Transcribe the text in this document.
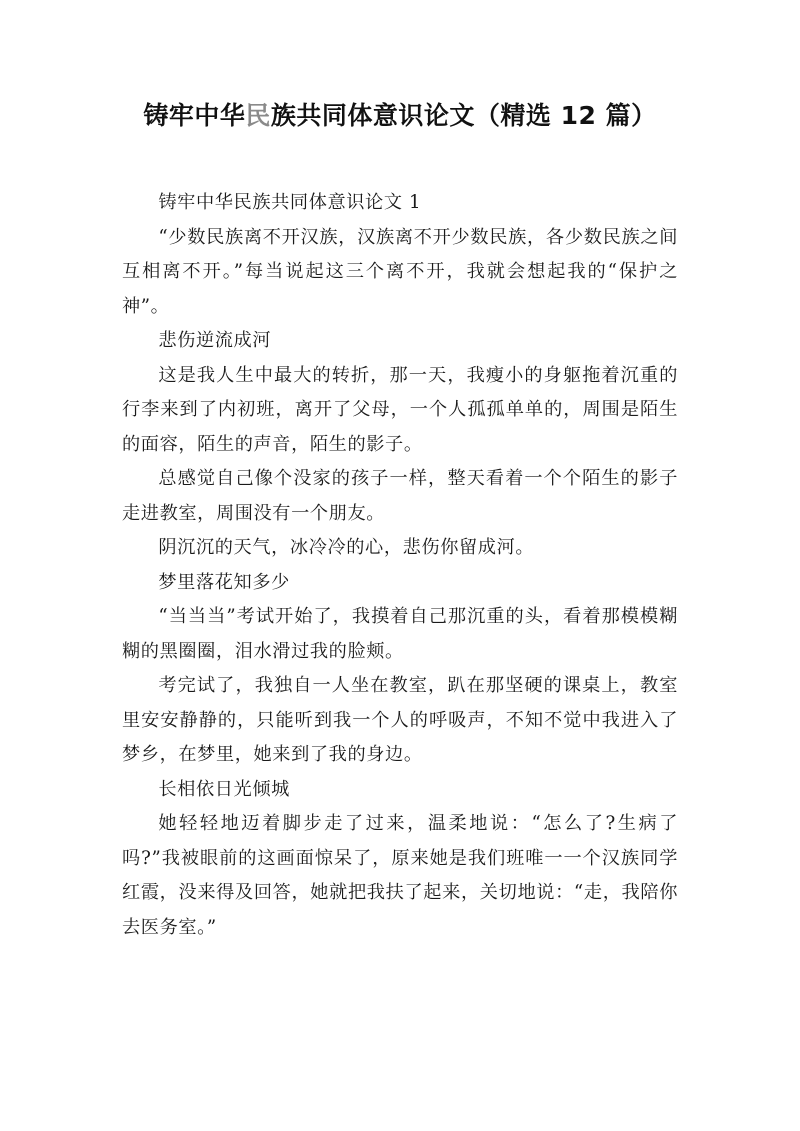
铸牢中华民族共同体意识论文（精选 12 篇）

铸牢中华民族共同体意识论文 1

“少数民族离不开汉族，汉族离不开少数民族，各少数民族之间互相离不开。”每当说起这三个离不开，我就会想起我的“保护之神”。

悲伤逆流成河

这是我人生中最大的转折，那一天，我瘦小的身躯拖着沉重的行李来到了内初班，离开了父母，一个人孤孤单单的，周围是陌生的面容，陌生的声音，陌生的影子。

总感觉自己像个没家的孩子一样，整天看着一个个陌生的影子走进教室，周围没有一个朋友。

阴沉沉的天气，冰冷冷的心，悲伤你留成河。

梦里落花知多少

“当当当”考试开始了，我摸着自己那沉重的头，看着那模模糊糊的黑圈圈，泪水滑过我的脸颊。

考完试了，我独自一人坐在教室，趴在那坚硬的课桌上，教室里安安静静的，只能听到我一个人的呼吸声，不知不觉中我进入了梦乡，在梦里，她来到了我的身边。

长相依日光倾城

她轻轻地迈着脚步走了过来，温柔地说：“怎么了?生病了吗?”我被眼前的这画面惊呆了，原来她是我们班唯一一个汉族同学红霞，没来得及回答，她就把我扶了起来，关切地说：“走，我陪你去医务室。”
